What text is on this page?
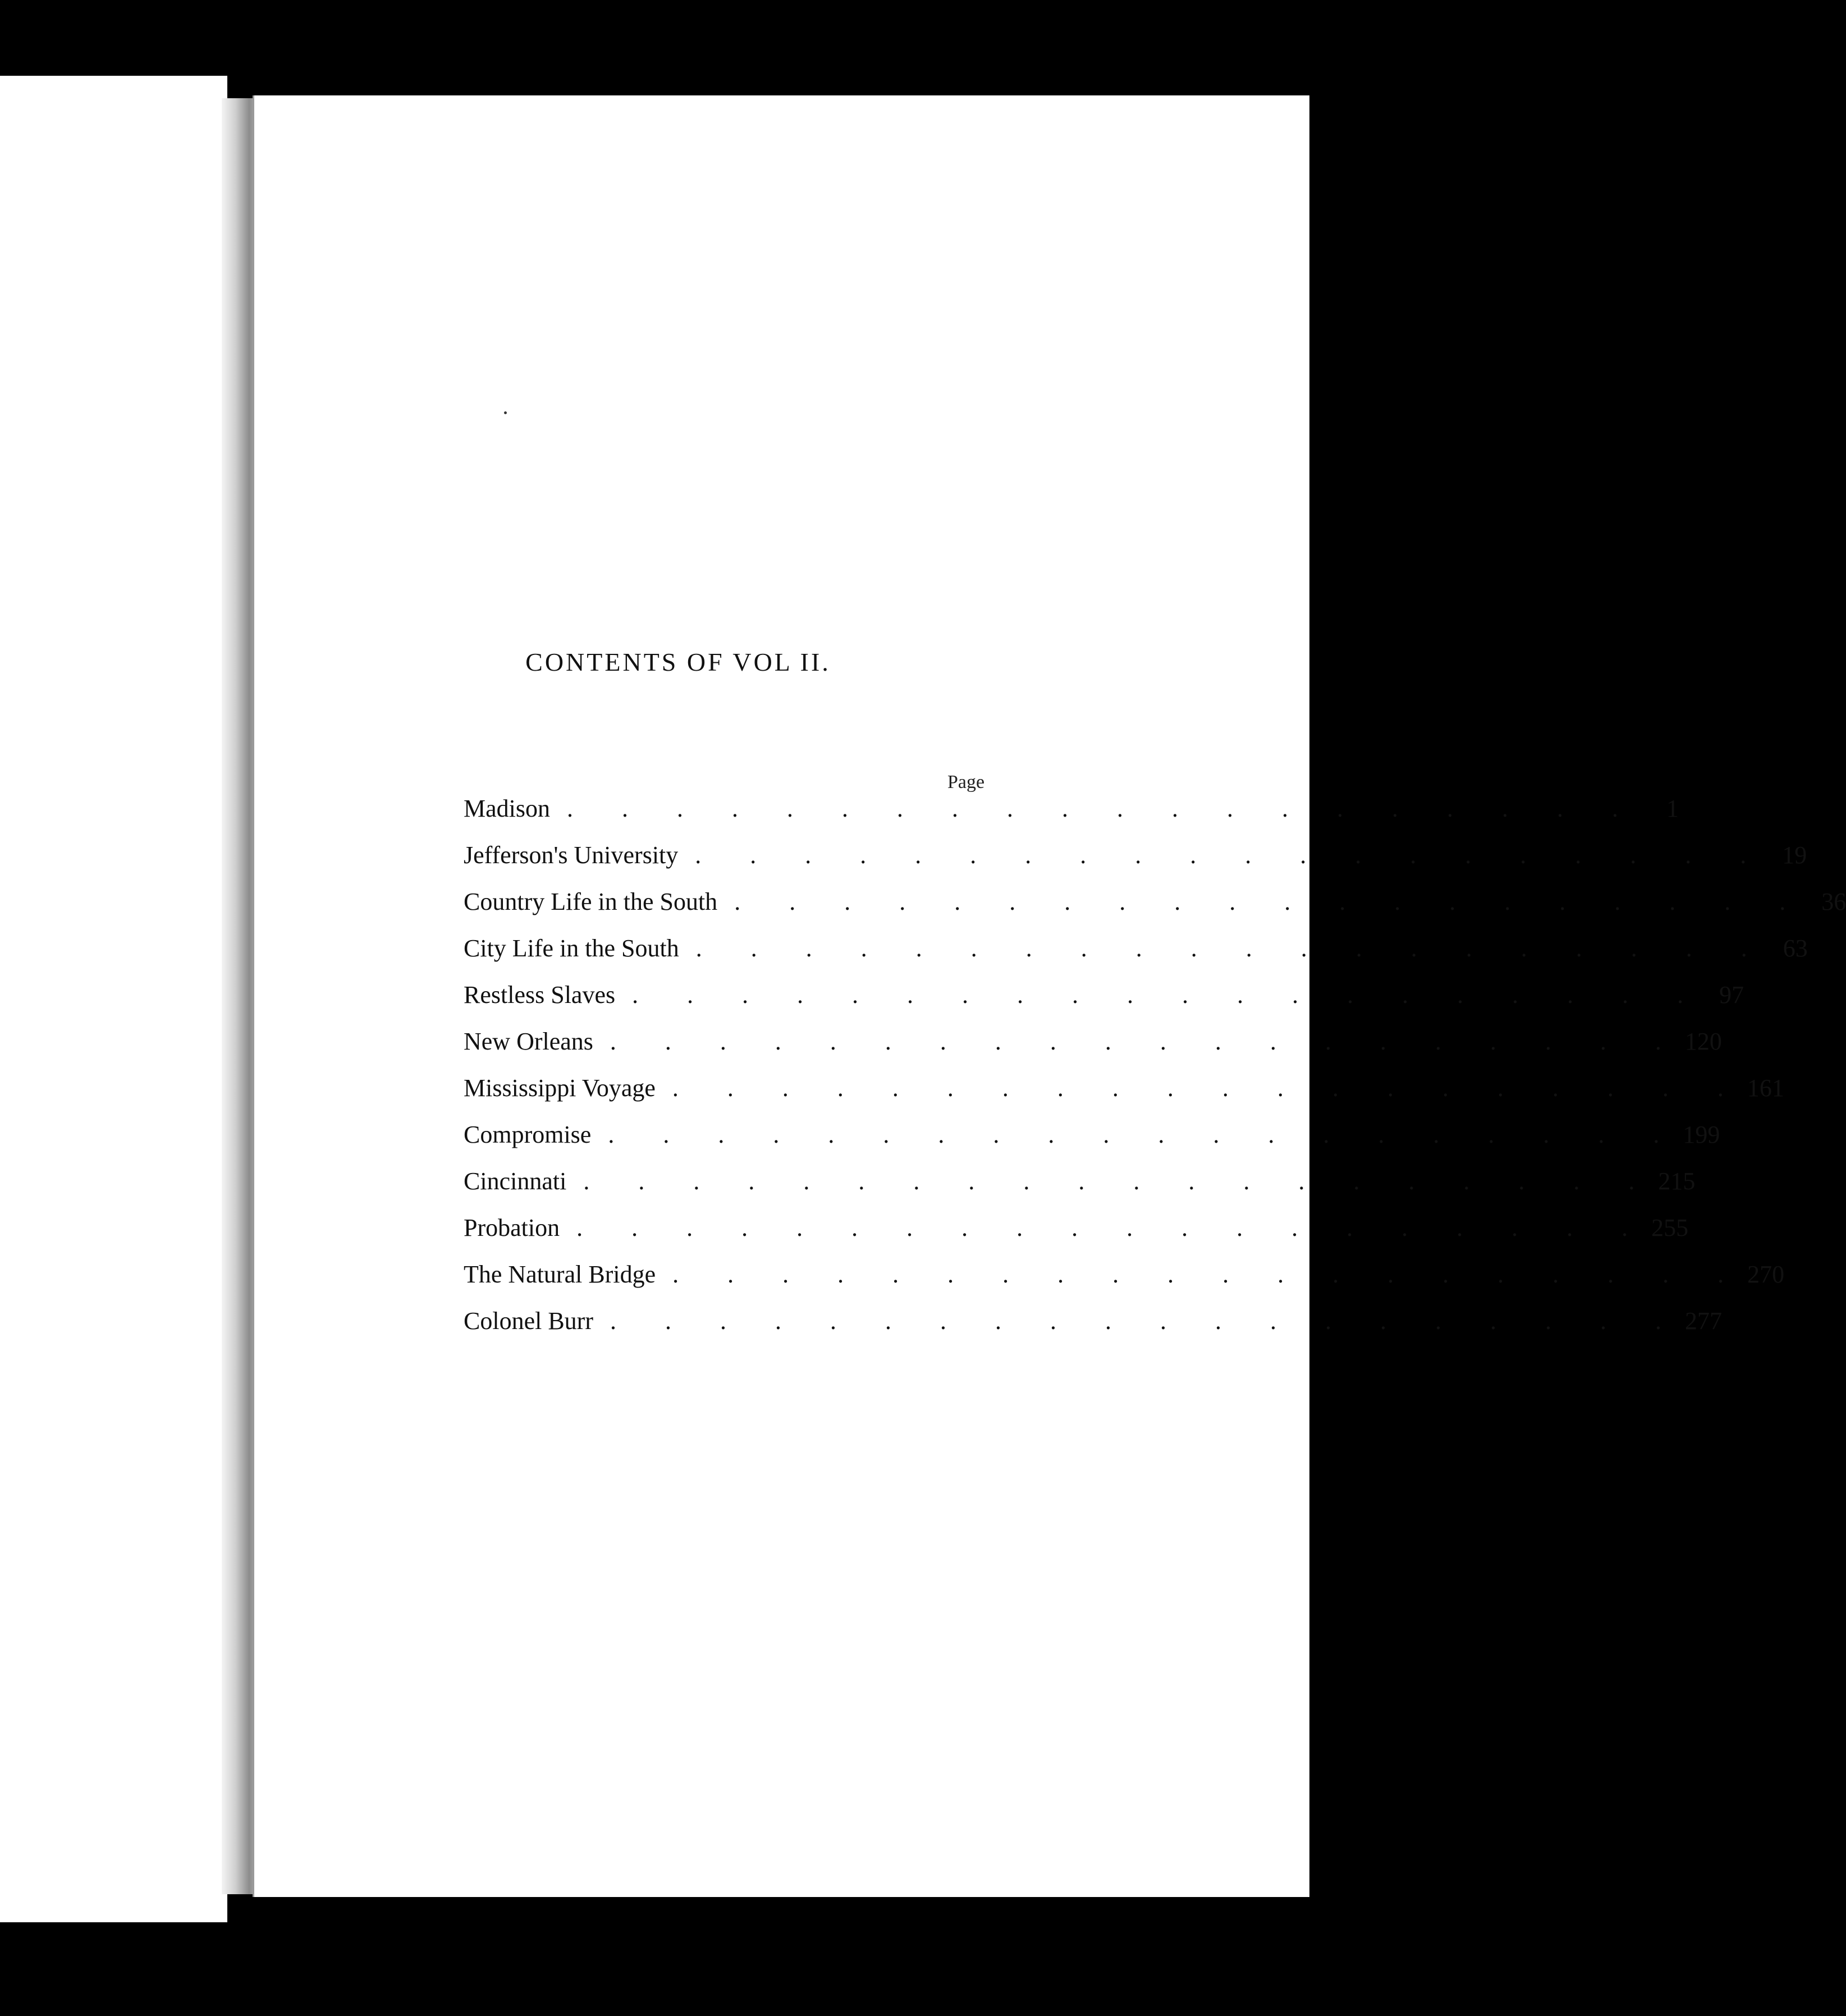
CONTENTS OF VOL II.
Page
Madison . . . . . . . . . . . . . . . . . . . .	1
Jefferson's University . . . . . . . . . . . . . . . . . . . . 19
Country Life in the South . . . . . . . . . . . . . . . . . . . . 36
City Life in the South . . . . . . . . . . . . . . . . . . . . 63
Restless Slaves . . . . . . . . . . . . . . . . . . . . 97
New Orleans . . . . . . . . . . . . . . . . . . . . 120
Mississippi Voyage . . . . . . . . . . . . . . . . . . . . 161
Compromise . . . . . . . . . . . . . . . . . . . . 199
Cincinnati . . . . . . . . . . . . . . . . . . . . 215
Probation . . . . . . . . . . . . . . . . . . . . 255
The Natural Bridge . . . . . . . . . . . . . . . . . . . . 270
Colonel Burr . . . . . . . . . . . . . . . . . . . . 277
